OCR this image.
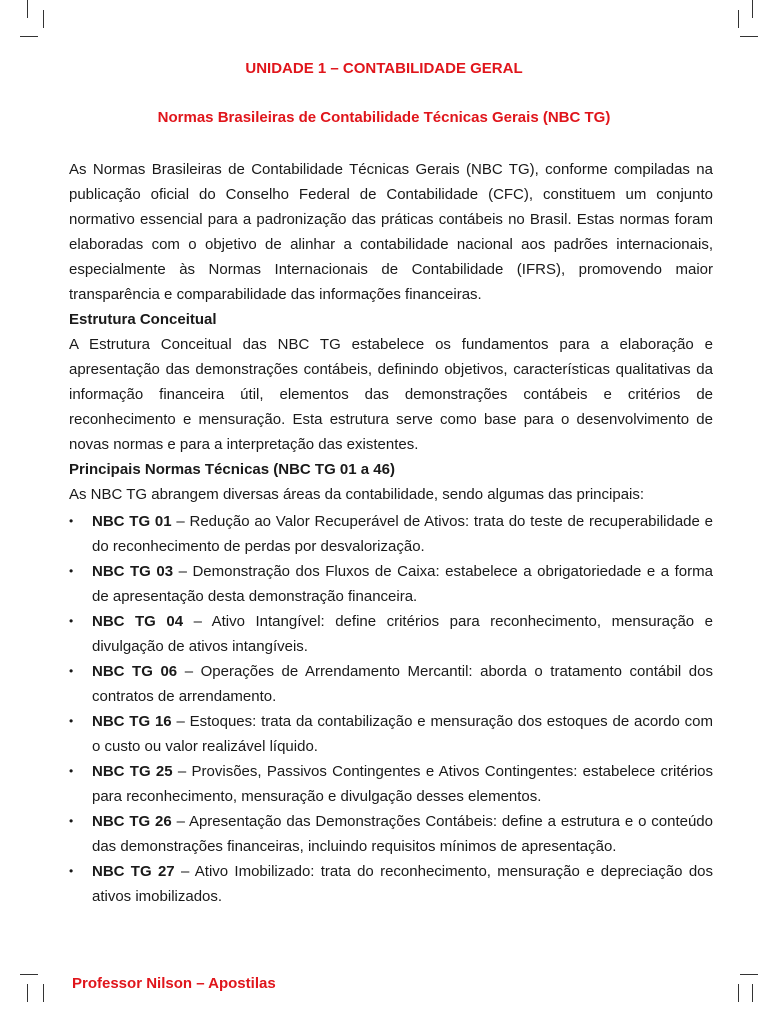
UNIDADE 1 – CONTABILIDADE GERAL
Normas Brasileiras de Contabilidade Técnicas Gerais (NBC TG)

As Normas Brasileiras de Contabilidade Técnicas Gerais (NBC TG), conforme compiladas na publicação oficial do Conselho Federal de Contabilidade (CFC), constituem um conjunto normativo essencial para a padronização das práticas contábeis no Brasil. Estas normas foram elaboradas com o objetivo de alinhar a contabilidade nacional aos padrões internacionais, especialmente às Normas Internacionais de Contabilidade (IFRS), promovendo maior transparência e comparabilidade das informações financeiras.

Estrutura Conceitual

A Estrutura Conceitual das NBC TG estabelece os fundamentos para a elaboração e apresentação das demonstrações contábeis, definindo objetivos, características qualitativas da informação financeira útil, elementos das demonstrações contábeis e critérios de reconhecimento e mensuração. Esta estrutura serve como base para o desenvolvimento de novas normas e para a interpretação das existentes.

Principais Normas Técnicas (NBC TG 01 a 46)

As NBC TG abrangem diversas áreas da contabilidade, sendo algumas das principais:

• NBC TG 01 – Redução ao Valor Recuperável de Ativos: trata do teste de recuperabilidade e do reconhecimento de perdas por desvalorização.
• NBC TG 03 – Demonstração dos Fluxos de Caixa: estabelece a obrigatoriedade e a forma de apresentação desta demonstração financeira.
• NBC TG 04 – Ativo Intangível: define critérios para reconhecimento, mensuração e divulgação de ativos intangíveis.
• NBC TG 06 – Operações de Arrendamento Mercantil: aborda o tratamento contábil dos contratos de arrendamento.
• NBC TG 16 – Estoques: trata da contabilização e mensuração dos estoques de acordo com o custo ou valor realizável líquido.
• NBC TG 25 – Provisões, Passivos Contingentes e Ativos Contingentes: estabelece critérios para reconhecimento, mensuração e divulgação desses elementos.
• NBC TG 26 – Apresentação das Demonstrações Contábeis: define a estrutura e o conteúdo das demonstrações financeiras, incluindo requisitos mínimos de apresentação.
• NBC TG 27 – Ativo Imobilizado: trata do reconhecimento, mensuração e depreciação dos ativos imobilizados.
Professor Nilson – Apostilas
